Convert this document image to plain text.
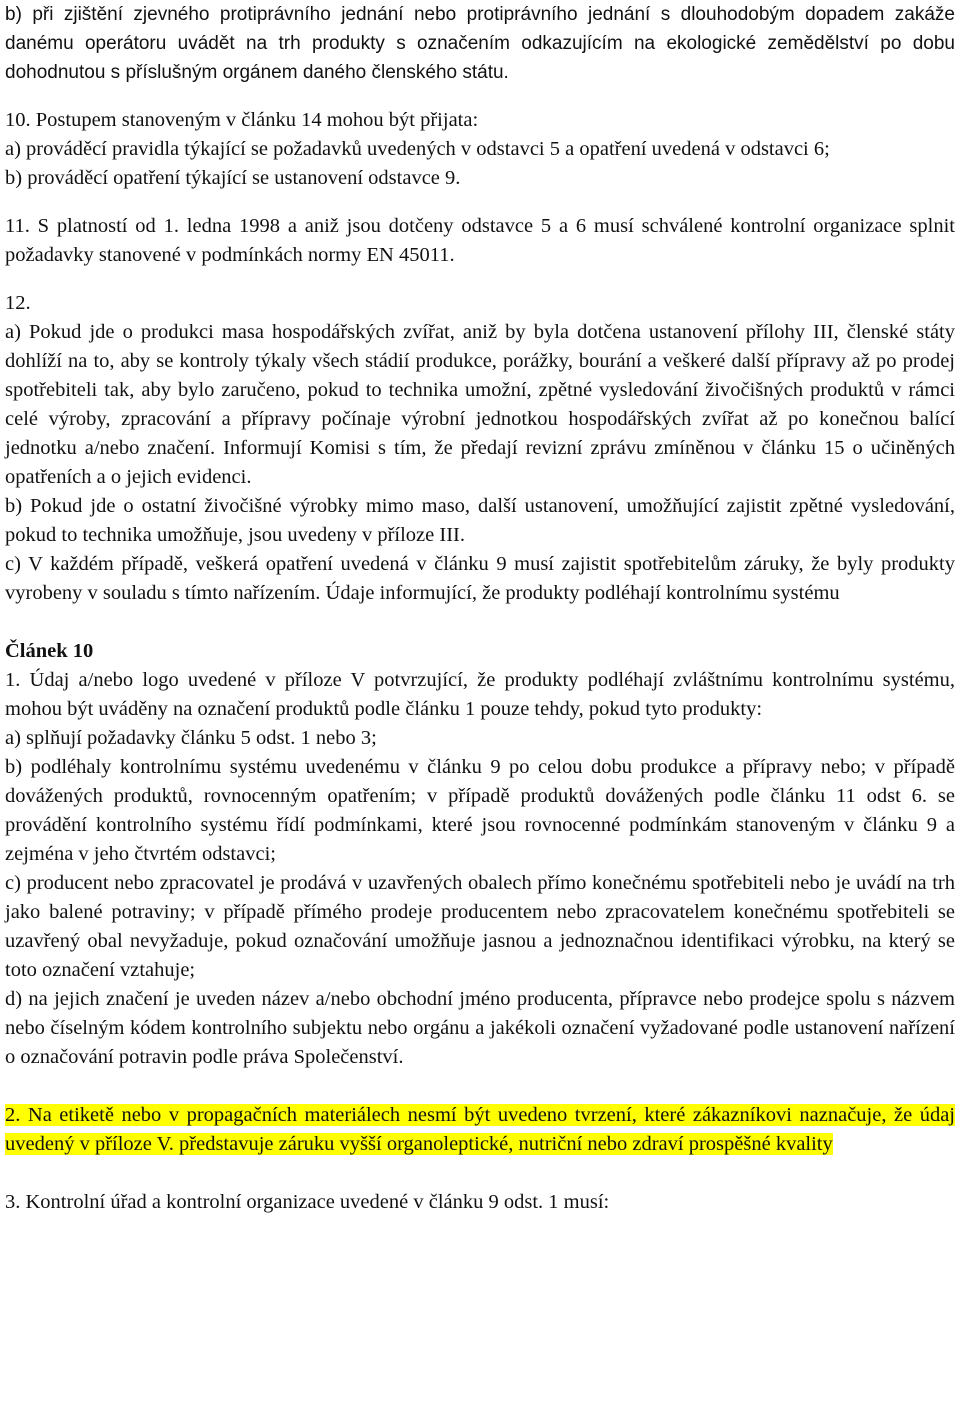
b) při zjištění zjevného protiprávního jednání nebo protiprávního jednání s dlouhodobým dopadem zakáže danému operátoru uvádět na trh produkty s označením odkazujícím na ekologické zemědělství po dobu dohodnutou s příslušným orgánem daného členského státu.

10. Postupem stanoveným v článku 14 mohou být přijata:

a) prováděcí pravidla týkající se požadavků uvedených v odstavci 5 a opatření uvedená v odstavci 6;

b) prováděcí opatření týkající se ustanovení odstavce 9.

11. S platností od 1. ledna 1998 a aniž jsou dotčeny odstavce 5 a 6 musí schválené kontrolní organizace splnit požadavky stanovené v podmínkách normy EN 45011.

12.

a) Pokud jde o produkci masa hospodářských zvířat, aniž by byla dotčena ustanovení přílohy III, členské státy dohlíží na to, aby se kontroly týkaly všech stádií produkce, porážky, bourání a veškeré další přípravy až po prodej spotřebiteli tak, aby bylo zaručeno, pokud to technika umožní, zpětné vysledování živočišných produktů v rámci celé výroby, zpracování a přípravy počínaje výrobní jednotkou hospodářských zvířat až po konečnou balící jednotku a/nebo značení. Informují Komisi s tím, že předají revizní zprávu zmíněnou v článku 15 o učiněných opatřeních a o jejich evidenci.

b) Pokud jde o ostatní živočišné výrobky mimo maso, další ustanovení, umožňující zajistit zpětné vysledování, pokud to technika umožňuje, jsou uvedeny v příloze III.

c) V každém případě, veškerá opatření uvedená v článku 9 musí zajistit spotřebitelům záruky, že byly produkty vyrobeny v souladu s tímto nařízením. Údaje informující, že produkty podléhají kontrolnímu systému

Článek 10

1. Údaj a/nebo logo uvedené v příloze V potvrzující, že produkty podléhají zvláštnímu kontrolnímu systému, mohou být uváděny na označení produktů podle článku 1 pouze tehdy, pokud tyto produkty:

a) splňují požadavky článku 5 odst. 1 nebo 3;

b) podléhaly kontrolnímu systému uvedenému v článku 9 po celou dobu produkce a přípravy nebo; v případě dovážených produktů, rovnocenným opatřením; v případě produktů dovážených podle článku 11 odst 6. se provádění kontrolního systému řídí podmínkami, které jsou rovnocenné podmínkám stanoveným v článku 9 a zejména v jeho čtvrtém odstavci;

c) producent nebo zpracovatel je prodává v uzavřených obalech přímo konečnému spotřebiteli nebo je uvádí na trh jako balené potraviny; v případě přímého prodeje producentem nebo zpracovatelem konečnému spotřebiteli se uzavřený obal nevyžaduje, pokud označování umožňuje jasnou a jednoznačnou identifikaci výrobku, na který se toto označení vztahuje;

d) na jejich značení je uveden název a/nebo obchodní jméno producenta, přípravce nebo prodejce spolu s názvem nebo číselným kódem kontrolního subjektu nebo orgánu a jakékoli označení vyžadované podle ustanovení nařízení o označování potravin podle práva Společenství.

2. Na etiketě nebo v propagačních materiálech nesmí být uvedeno tvrzení, které zákazníkovi naznačuje, že údaj uvedený v příloze V. představuje záruku vyšší organoleptické, nutriční nebo zdraví prospěšné kvality

3. Kontrolní úřad a kontrolní organizace uvedené v článku 9 odst. 1 musí:
